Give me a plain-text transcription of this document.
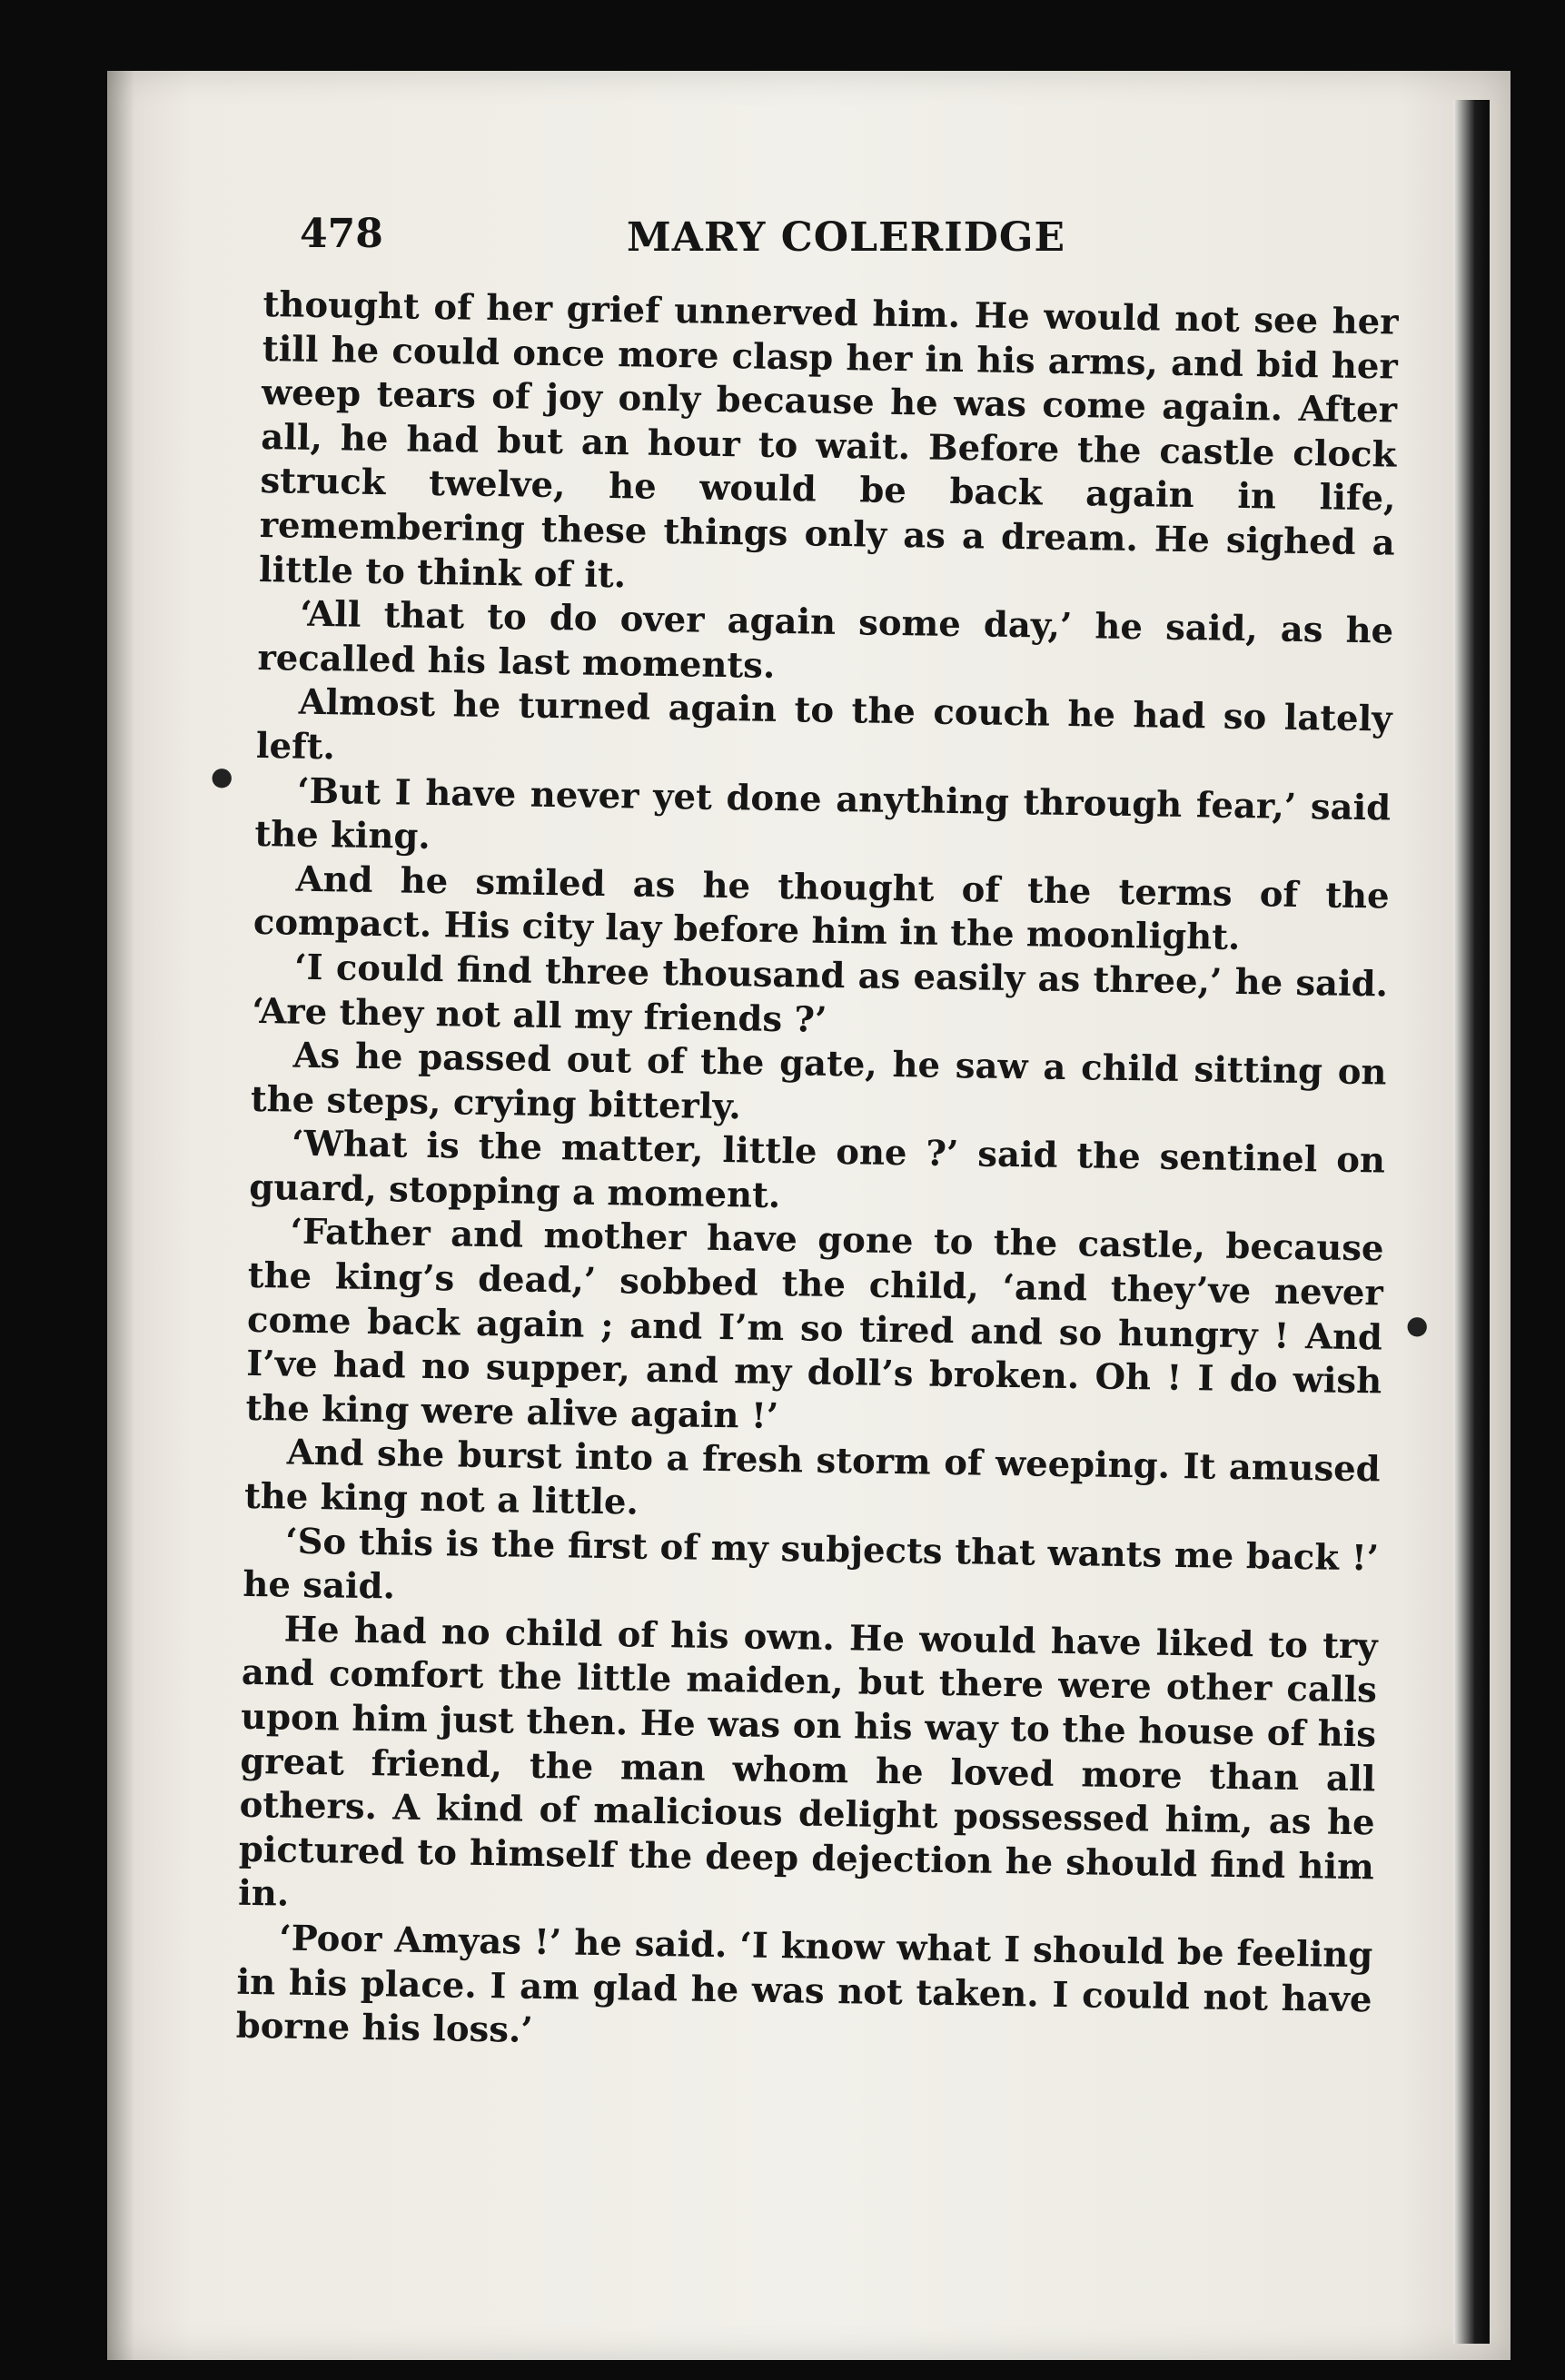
478	MARY COLERIDGE

thought of her grief unnerved him. He would not see her till he could once more clasp her in his arms, and bid her weep tears of joy only because he was come again. After all, he had but an hour to wait. Before the castle clock struck twelve, he would be back again in life, remembering these things only as a dream. He sighed a little to think of it.

‘All that to do over again some day,’ he said, as he recalled his last moments.

Almost he turned again to the couch he had so lately left.

‘But I have never yet done anything through fear,’ said the king.

And he smiled as he thought of the terms of the compact. His city lay before him in the moonlight.

‘I could find three thousand as easily as three,’ he said. ‘Are they not all my friends ?’

As he passed out of the gate, he saw a child sitting on the steps, crying bitterly.

‘What is the matter, little one ?’ said the sentinel on guard, stopping a moment.

‘Father and mother have gone to the castle, because the king’s dead,’ sobbed the child, ‘and they’ve never come back again ; and I’m so tired and so hungry ! And I’ve had no supper, and my doll’s broken. Oh ! I do wish the king were alive again !’

And she burst into a fresh storm of weeping. It amused the king not a little.

‘So this is the first of my subjects that wants me back !’ he said.

He had no child of his own. He would have liked to try and comfort the little maiden, but there were other calls upon him just then. He was on his way to the house of his great friend, the man whom he loved more than all others. A kind of malicious delight possessed him, as he pictured to himself the deep dejection he should find him in.

‘Poor Amyas !’ he said. ‘I know what I should be feeling in his place. I am glad he was not taken. I could not have borne his loss.’

●
●
